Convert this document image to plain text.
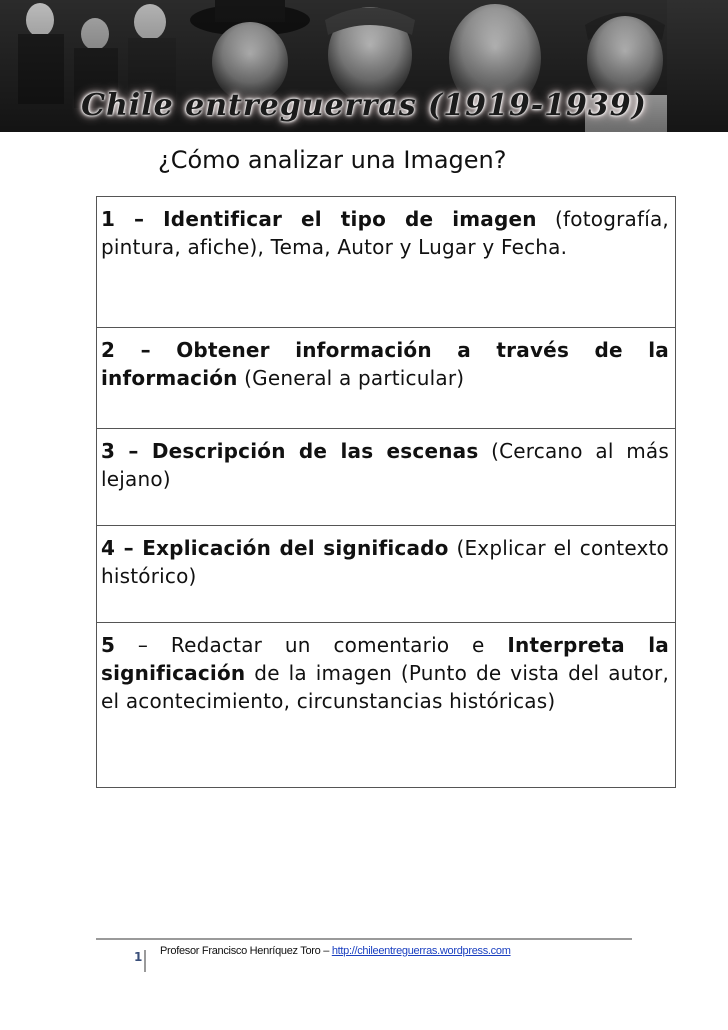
Chile entreguerras (1919-1939)
¿Cómo analizar una Imagen?
1 – Identificar el tipo de imagen (fotografía, pintura, afiche), Tema, Autor y Lugar y Fecha.
2 – Obtener información a través de la información (General a particular)
3 – Descripción de las escenas (Cercano al más lejano)
4 – Explicación del significado (Explicar el contexto histórico)
5 – Redactar un comentario e Interpreta la significación de la imagen (Punto de vista del autor, el acontecimiento, circunstancias históricas)
1	Profesor Francisco Henríquez Toro – http://chileentreguerras.wordpress.com
